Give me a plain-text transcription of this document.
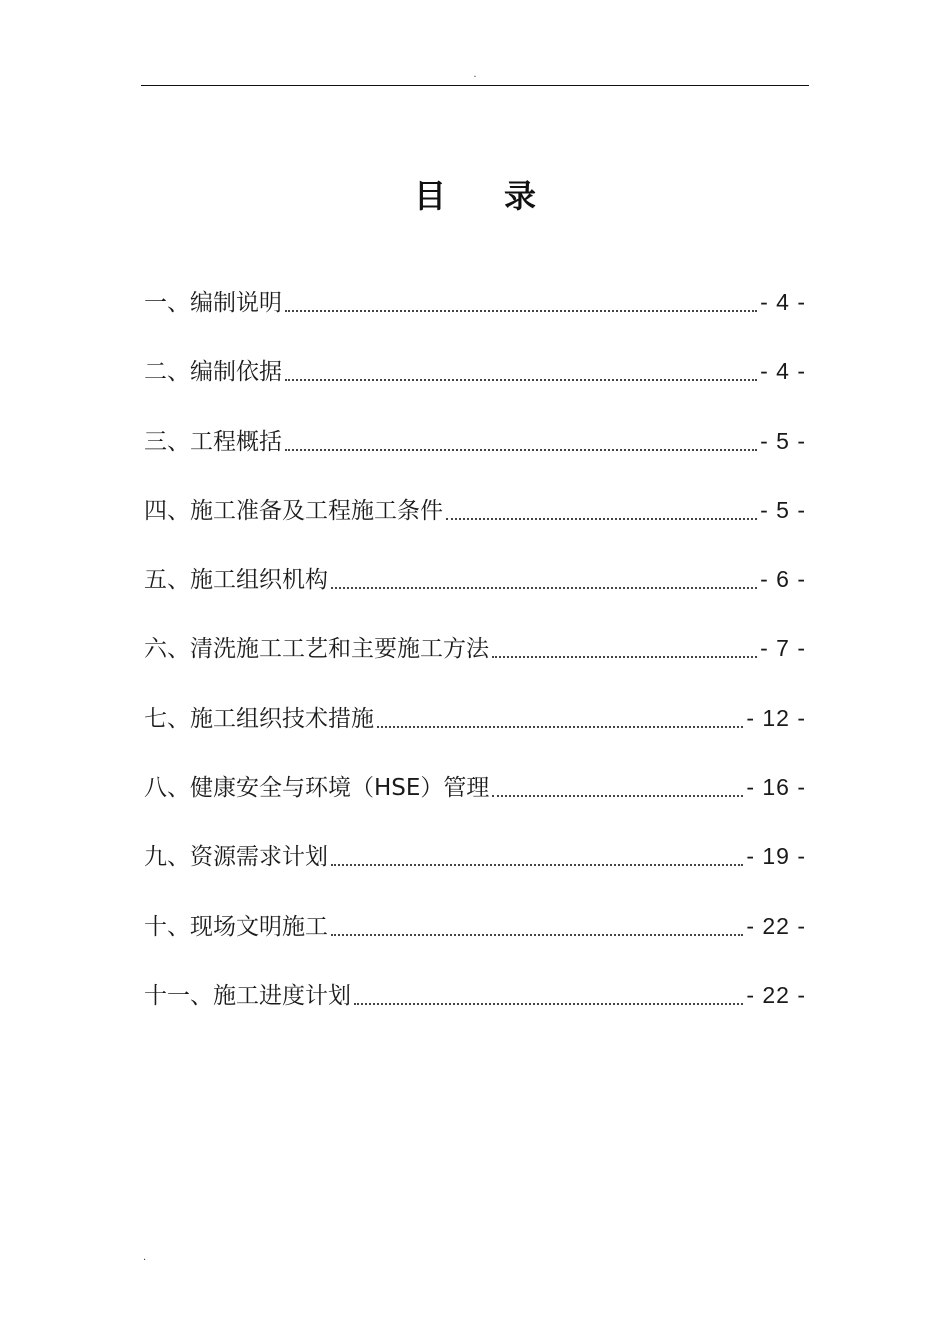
.
目 录
一、编制说明	- 4 -
二、编制依据	- 4 -
三、工程概括	- 5 -
四、施工准备及工程施工条件	- 5 -
五、施工组织机构	- 6 -
六、清洗施工工艺和主要施工方法	- 7 -
七、施工组织技术措施	- 12 -
八、健康安全与环境（HSE）管理	- 16 -
九、资源需求计划	- 19 -
十、现场文明施工	- 22 -
十一、施工进度计划	- 22 -
.
